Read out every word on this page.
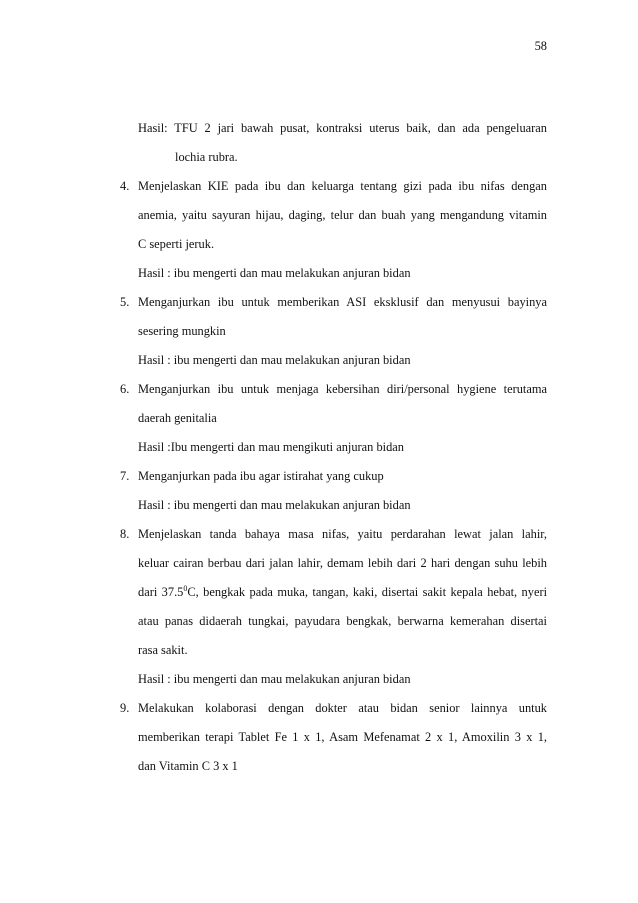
58
Hasil: TFU 2 jari bawah pusat, kontraksi uterus baik, dan ada pengeluaran
lochia rubra.
4. Menjelaskan KIE pada ibu dan keluarga tentang gizi pada ibu nifas dengan
anemia, yaitu sayuran hijau, daging, telur dan buah yang mengandung vitamin
C seperti jeruk.
Hasil : ibu mengerti dan mau melakukan anjuran bidan
5. Menganjurkan ibu untuk memberikan ASI eksklusif dan menyusui bayinya
sesering mungkin
Hasil : ibu mengerti dan mau melakukan anjuran bidan
6. Menganjurkan ibu untuk menjaga kebersihan diri/personal hygiene terutama
daerah genitalia
Hasil :Ibu mengerti dan mau mengikuti anjuran bidan
7. Menganjurkan pada ibu agar istirahat yang cukup
Hasil : ibu mengerti dan mau melakukan anjuran bidan
8. Menjelaskan tanda bahaya masa nifas, yaitu perdarahan lewat jalan lahir,
keluar cairan berbau dari jalan lahir, demam lebih dari 2 hari dengan suhu lebih
dari 37.5$^0$C, bengkak pada muka, tangan, kaki, disertai sakit kepala hebat, nyeri
atau panas didaerah tungkai, payudara bengkak, berwarna kemerahan disertai
rasa sakit.
Hasil : ibu mengerti dan mau melakukan anjuran bidan
9. Melakukan kolaborasi dengan dokter atau bidan senior lainnya untuk
memberikan terapi Tablet Fe 1 x 1, Asam Mefenamat 2 x 1, Amoxilin 3 x 1,
dan Vitamin C 3 x 1
